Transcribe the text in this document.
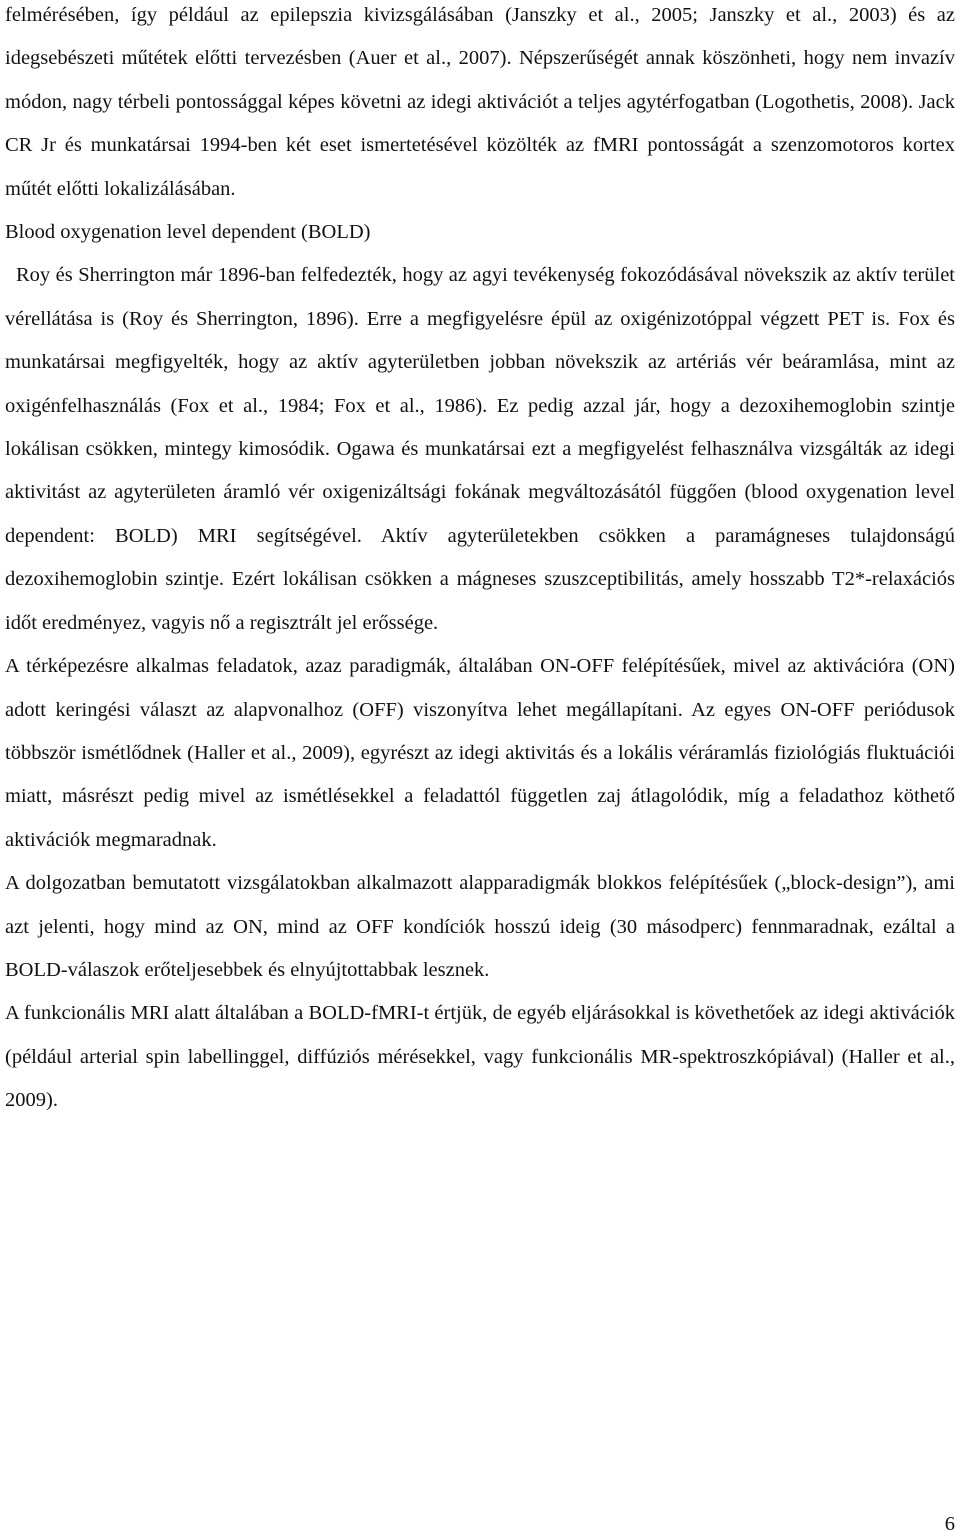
felmérésében, így például az epilepszia kivizsgálásában (Janszky et al., 2005; Janszky et al., 2003) és az idegsebészeti műtétek előtti tervezésben (Auer et al., 2007). Népszerűségét annak köszönheti, hogy nem invazív módon, nagy térbeli pontossággal képes követni az idegi aktivációt a teljes agytérfogatban (Logothetis, 2008). Jack CR Jr és munkatársai 1994-ben két eset ismertetésével közölték az fMRI pontosságát a szenzomotoros kortex műtét előtti lokalizálásában.

Blood oxygenation level dependent (BOLD)

Roy és Sherrington már 1896-ban felfedezték, hogy az agyi tevékenység fokozódásával növekszik az aktív terület vérellátása is (Roy és Sherrington, 1896). Erre a megfigyelésre épül az oxigénizotóppal végzett PET is. Fox és munkatársai megfigyelték, hogy az aktív agyterületben jobban növekszik az artériás vér beáramlása, mint az oxigénfelhasználás (Fox et al., 1984; Fox et al., 1986). Ez pedig azzal jár, hogy a dezoxihemoglobin szintje lokálisan csökken, mintegy kimosódik. Ogawa és munkatársai ezt a megfigyelést felhasználva vizsgálták az idegi aktivitást az agyterületen áramló vér oxigenizáltsági fokának megváltozásától függően (blood oxygenation level dependent: BOLD) MRI segítségével. Aktív agyterületekben csökken a paramágneses tulajdonságú dezoxihemoglobin szintje. Ezért lokálisan csökken a mágneses szuszceptibilitás, amely hosszabb T2*-relaxációs időt eredményez, vagyis nő a regisztrált jel erőssége.

A térképezésre alkalmas feladatok, azaz paradigmák, általában ON-OFF felépítésűek, mivel az aktivációra (ON) adott keringési választ az alapvonalhoz (OFF) viszonyítva lehet megállapítani. Az egyes ON-OFF periódusok többször ismétlődnek (Haller et al., 2009), egyrészt az idegi aktivitás és a lokális véráramlás fiziológiás fluktuációi miatt, másrészt pedig mivel az ismétlésekkel a feladattól független zaj átlagolódik, míg a feladathoz köthető aktivációk megmaradnak.

A dolgozatban bemutatott vizsgálatokban alkalmazott alapparadigmák blokkos felépítésűek („block-design”), ami azt jelenti, hogy mind az ON, mind az OFF kondíciók hosszú ideig (30 másodperc) fennmaradnak, ezáltal a BOLD-válaszok erőteljesebbek és elnyújtottabbak lesznek.

A funkcionális MRI alatt általában a BOLD-fMRI-t értjük, de egyéb eljárásokkal is követhetőek az idegi aktivációk (például arterial spin labellinggel, diffúziós mérésekkel, vagy funkcionális MR-spektroszkópiával) (Haller et al., 2009).

6
